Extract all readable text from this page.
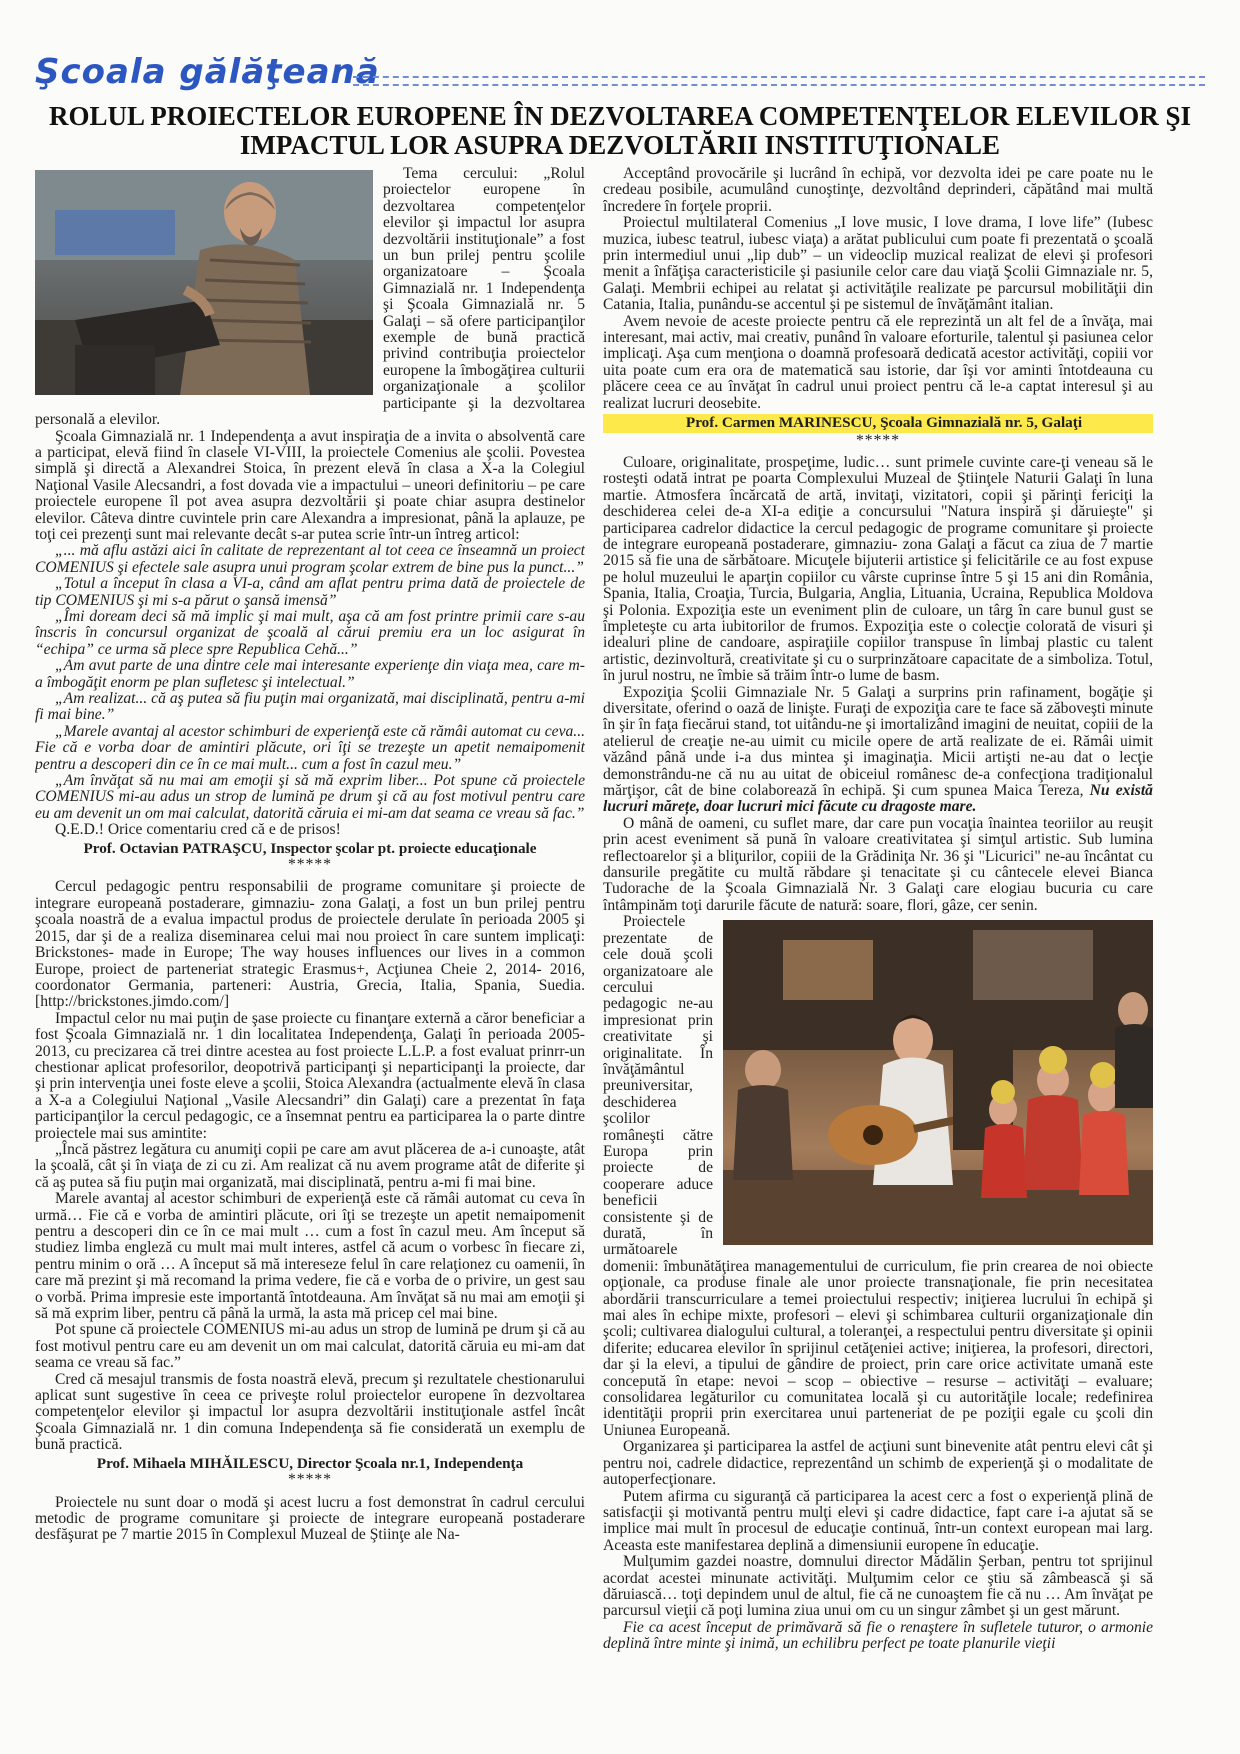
Şcoala gălăţeană
ROLUL PROIECTELOR EUROPENE ÎN DEZVOLTAREA COMPETENŢELOR ELEVILOR ŞI IMPACTUL LOR ASUPRA DEZVOLTĂRII INSTITUŢIONALE

Tema cercului: „Rolul proiectelor europene în dezvoltarea competenţelor elevilor şi impactul lor asupra dezvoltării instituţionale” a fost un bun prilej pentru şcolile organizatoare – Şcoala Gimnazială nr. 1 Independenţa şi Şcoala Gimnazială nr. 5 Galaţi – să ofere participanţilor exemple de bună practică privind contribuţia proiectelor europene la îmbogăţirea culturii organizaţionale a şcolilor participante şi la dezvoltarea personală a elevilor.

Şcoala Gimnazială nr. 1 Independenţa a avut inspiraţia de a invita o absolventă care a participat, elevă fiind în clasele VI-VIII, la proiectele Comenius ale şcolii. Povestea simplă şi directă a Alexandrei Stoica, în prezent elevă în clasa a X-a la Colegiul Naţional Vasile Alecsandri, a fost dovada vie a impactului – uneori definitoriu – pe care proiectele europene îl pot avea asupra dezvoltării şi poate chiar asupra destinelor elevilor. Câteva dintre cuvintele prin care Alexandra a impresionat, până la aplauze, pe toţi cei prezenţi sunt mai relevante decât s-ar putea scrie într-un întreg articol:

„... mă aflu astăzi aici în calitate de reprezentant al tot ceea ce înseamnă un proiect COMENIUS şi efectele sale asupra unui program şcolar extrem de bine pus la punct...”

„Totul a început în clasa a VI-a, când am aflat pentru prima dată de proiectele de tip COMENIUS şi mi s-a părut o şansă imensă”

„Îmi doream deci să mă implic şi mai mult, aşa că am fost printre primii care s-au înscris în concursul organizat de şcoală al cărui premiu era un loc asigurat în “echipa” ce urma să plece spre Republica Cehă...”

„Am avut parte de una dintre cele mai interesante experienţe din viaţa mea, care m-a îmbogăţit enorm pe plan sufletesc şi intelectual.”

„Am realizat... că aş putea să fiu puţin mai organizată, mai disciplinată, pentru a-mi fi mai bine.”

„Marele avantaj al acestor schimburi de experienţă este că rămâi automat cu ceva... Fie că e vorba doar de amintiri plăcute, ori îţi se trezeşte un apetit nemaipomenit pentru a descoperi din ce în ce mai mult... cum a fost în cazul meu.”

„Am învăţat să nu mai am emoţii şi să mă exprim liber... Pot spune că proiectele COMENIUS mi-au adus un strop de lumină pe drum şi că au fost motivul pentru care eu am devenit un om mai calculat, datorită căruia ei mi-am dat seama ce vreau să fac.”

Q.E.D.! Orice comentariu cred că e de prisos!

Prof. Octavian PATRAŞCU, Inspector şcolar pt. proiecte educaţionale
*****

Cercul pedagogic pentru responsabilii de programe comunitare şi proiecte de integrare europeană postaderare, gimnaziu- zona Galaţi, a fost un bun prilej pentru şcoala noastră de a evalua impactul produs de proiectele derulate în perioada 2005 şi 2015, dar şi de a realiza diseminarea celui mai nou proiect în care suntem implicaţi: Brickstones- made in Europe; The way houses influences our lives in a common Europe, proiect de parteneriat strategic Erasmus+, Acţiunea Cheie 2, 2014- 2016, coordonator Germania, parteneri: Austria, Grecia, Italia, Spania, Suedia. [http://brickstones.jimdo.com/]

Impactul celor nu mai puţin de şase proiecte cu finanţare externă a căror beneficiar a fost Şcoala Gimnazială nr. 1 din localitatea Independenţa, Galaţi în perioada 2005- 2013, cu precizarea că trei dintre acestea au fost proiecte L.L.P. a fost evaluat prinrr-un chestionar aplicat profesorilor, deopotrivă participanţi şi neparticipanţi la proiecte, dar şi prin intervenţia unei foste eleve a şcolii, Stoica Alexandra (actualmente elevă în clasa a X-a a Colegiului Naţional „Vasile Alecsandri” din Galaţi) care a prezentat în faţa participanţilor la cercul pedagogic, ce a însemnat pentru ea participarea la o parte dintre proiectele mai sus amintite:

„Încă păstrez legătura cu anumiţi copii pe care am avut plăcerea de a-i cunoaşte, atât la şcoală, cât şi în viaţa de zi cu zi. Am realizat că nu avem programe atât de diferite şi că aş putea să fiu puţin mai organizată, mai disciplinată, pentru a-mi fi mai bine.

Marele avantaj al acestor schimburi de experienţă este că rămâi automat cu ceva în urmă… Fie că e vorba de amintiri plăcute, ori îţi se trezeşte un apetit nemaipomenit pentru a descoperi din ce în ce mai mult … cum a fost în cazul meu. Am început să studiez limba engleză cu mult mai mult interes, astfel că acum o vorbesc în fiecare zi, pentru minim o oră … A început să mă intereseze felul în care relaţionez cu oamenii, în care mă prezint şi mă recomand la prima vedere, fie că e vorba de o privire, un gest sau o vorbă. Prima impresie este importantă întotdeauna. Am învăţat să nu mai am emoţii şi să mă exprim liber, pentru că până la urmă, la asta mă pricep cel mai bine.

Pot spune că proiectele COMENIUS mi-au adus un strop de lumină pe drum şi că au fost motivul pentru care eu am devenit un om mai calculat, datorită căruia eu mi-am dat seama ce vreau să fac.”

Cred că mesajul transmis de fosta noastră elevă, precum şi rezultatele chestionarului aplicat sunt sugestive în ceea ce priveşte rolul proiectelor europene în dezvoltarea competenţelor elevilor şi impactul lor asupra dezvoltării instituţionale astfel încât Şcoala Gimnazială nr. 1 din comuna Independenţa să fie considerată un exemplu de bună practică.

Prof. Mihaela MIHĂILESCU, Director Şcoala nr.1, Independenţa
*****

Proiectele nu sunt doar o modă şi acest lucru a fost demonstrat în cadrul cercului metodic de programe comunitare şi proiecte de integrare europeană postaderare desfăşurat pe 7 martie 2015 în Complexul Muzeal de Ştiinţe ale Na-

Acceptând provocările şi lucrând în echipă, vor dezvolta idei pe care poate nu le credeau posibile, acumulând cunoştinţe, dezvoltând deprinderi, căpătând mai multă încredere în forţele proprii.

Proiectul multilateral Comenius „I love music, I love drama, I love life” (Iubesc muzica, iubesc teatrul, iubesc viaţa) a arătat publicului cum poate fi prezentată o şcoală prin intermediul unui „lip dub” – un videoclip muzical realizat de elevi şi profesori menit a înfăţişa caracteristicile şi pasiunile celor care dau viaţă Şcolii Gimnaziale nr. 5, Galaţi. Membrii echipei au relatat şi activităţile realizate pe parcursul mobilităţii din Catania, Italia, punându-se accentul şi pe sistemul de învăţământ italian.

Avem nevoie de aceste proiecte pentru că ele reprezintă un alt fel de a învăţa, mai interesant, mai activ, mai creativ, punând în valoare eforturile, talentul şi pasiunea celor implicaţi. Aşa cum menţiona o doamnă profesoară dedicată acestor activităţi, copiii vor uita poate cum era ora de matematică sau istorie, dar îşi vor aminti întotdeauna cu plăcere ceea ce au învăţat în cadrul unui proiect pentru că le-a captat interesul şi au realizat lucruri deosebite.

Prof. Carmen MARINESCU, Şcoala Gimnazială nr. 5, Galaţi
*****

Culoare, originalitate, prospeţime, ludic… sunt primele cuvinte care-ţi veneau să le rosteşti odată intrat pe poarta Complexului Muzeal de Ştiinţele Naturii Galaţi în luna martie. Atmosfera încărcată de artă, invitaţi, vizitatori, copii şi părinţi fericiţi la deschiderea celei de-a XI-a ediţie a concursului "Natura inspiră şi dăruieşte" şi participarea cadrelor didactice la cercul pedagogic de programe comunitare şi proiecte de integrare europeană postaderare, gimnaziu- zona Galaţi a făcut ca ziua de 7 martie 2015 să fie una de sărbătoare. Micuţele bijuterii artistice şi felicitările ce au fost expuse pe holul muzeului le aparţin copiilor cu vârste cuprinse între 5 şi 15 ani din România, Spania, Italia, Croaţia, Turcia, Bulgaria, Anglia, Lituania, Ucraina, Republica Moldova şi Polonia. Expoziţia este un eveniment plin de culoare, un târg în care bunul gust se împleteşte cu arta iubitorilor de frumos. Expoziţia este o colecţie colorată de visuri şi idealuri pline de candoare, aspiraţiile copiilor transpuse în limbaj plastic cu talent artistic, dezinvoltură, creativitate şi cu o surprinzătoare capacitate de a simboliza. Totul, în jurul nostru, ne îmbie să trăim într-o lume de basm.

Expoziţia Şcolii Gimnaziale Nr. 5 Galaţi a surprins prin rafinament, bogăţie şi diversitate, oferind o oază de linişte. Furaţi de expoziţia care te face să zăboveşti minute în şir în faţa fiecărui stand, tot uitându-ne şi imortalizând imagini de neuitat, copiii de la atelierul de creaţie ne-au uimit cu micile opere de artă realizate de ei. Rămâi uimit văzând până unde i-a dus mintea şi imaginaţia. Micii artişti ne-au dat o lecţie demonstrându-ne că nu au uitat de obiceiul românesc de-a confecţiona tradiţionalul mărţişor, cât de bine colaborează în echipă. Şi cum spunea Maica Tereza, Nu există lucruri mărețe, doar lucruri mici făcute cu dragoste mare.

O mână de oameni, cu suflet mare, dar care pun vocaţia înaintea teoriilor au reuşit prin acest eveniment să pună în valoare creativitatea şi simţul artistic. Sub lumina reflectoarelor şi a bliţurilor, copiii de la Grădiniţa Nr. 36 şi "Licurici" ne-au încântat cu dansurile pregătite cu multă răbdare şi tenacitate şi cu cântecele elevei Bianca Tudorache de la Şcoala Gimnazială Nr. 3 Galaţi care elogiau bucuria cu care întâmpinăm toţi darurile făcute de natură: soare, flori, gâze, cer senin.

Proiectele prezentate de cele două şcoli organizatoare ale cercului pedagogic ne-au impresionat prin creativitate şi originalitate. În învăţământul preuniversitar, deschiderea şcolilor româneşti către Europa prin proiecte de cooperare aduce beneficii consistente şi de durată, în următoarele domenii: îmbunătăţirea managementului de curriculum, fie prin crearea de noi obiecte opţionale, ca produse finale ale unor proiecte transnaţionale, fie prin necesitatea abordării transcurriculare a temei proiectului respectiv; iniţierea lucrului în echipă şi mai ales în echipe mixte, profesori – elevi şi schimbarea culturii organizaţionale din şcoli; cultivarea dialogului cultural, a toleranţei, a respectului pentru diversitate şi opinii diferite; educarea elevilor în sprijinul cetăţeniei active; iniţierea, la profesori, directori, dar şi la elevi, a tipului de gândire de proiect, prin care orice activitate umană este concepută în etape: nevoi – scop – obiective – resurse – activităţi – evaluare; consolidarea legăturilor cu comunitatea locală şi cu autorităţile locale; redefinirea identităţii proprii prin exercitarea unui parteneriat de pe poziţii egale cu şcoli din Uniunea Europeană.

Organizarea şi participarea la astfel de acţiuni sunt binevenite atât pentru elevi cât şi pentru noi, cadrele didactice, reprezentând un schimb de experienţă şi o modalitate de autoperfecţionare.

Putem afirma cu siguranţă că participarea la acest cerc a fost o experienţă plină de satisfacţii şi motivantă pentru mulţi elevi şi cadre didactice, fapt care i-a ajutat să se implice mai mult în procesul de educaţie continuă, într-un context european mai larg. Aceasta este manifestarea deplină a dimensiunii europene în educaţie.

Mulţumim gazdei noastre, domnului director Mădălin Şerban, pentru tot sprijinul acordat acestei minunate activităţi. Mulţumim celor ce ştiu să zâmbească şi să dăruiască… toţi depindem unul de altul, fie că ne cunoaştem fie că nu … Am învăţat pe parcursul vieţii că poţi lumina ziua unui om cu un singur zâmbet şi un gest mărunt.

Fie ca acest început de primăvară să fie o renaştere în sufletele tuturor, o armonie deplină între minte şi inimă, un echilibru perfect pe toate planurile vieţii
